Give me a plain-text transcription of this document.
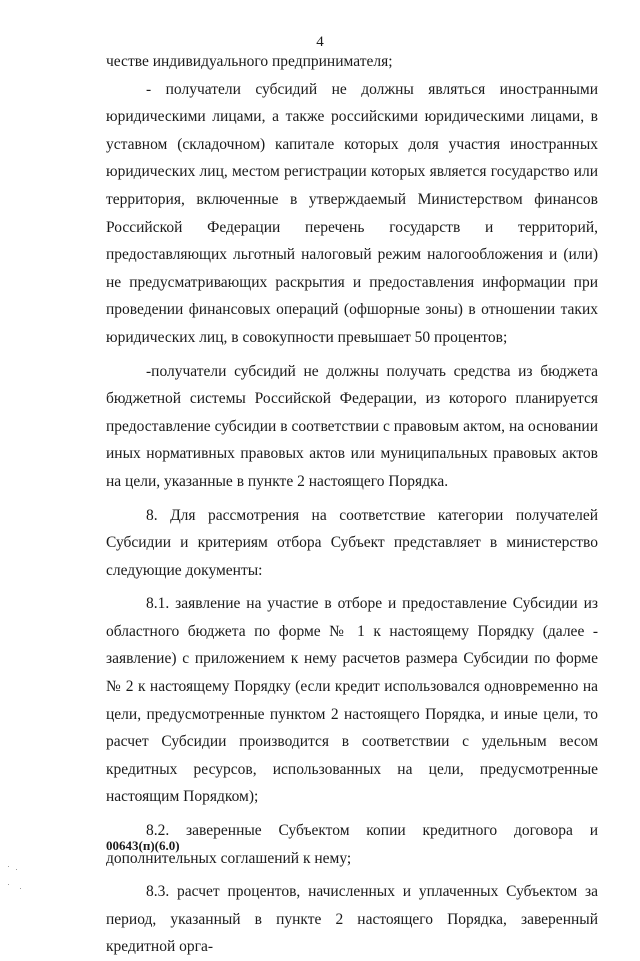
4

честве индивидуального предпринимателя;

- получатели субсидий не должны являться иностранными юридическими лицами, а также российскими юридическими лицами, в уставном (складочном) капитале которых доля участия иностранных юридических лиц, местом регистрации которых является государство или территория, включенные в утверждаемый Министерством финансов Российской Федерации перечень государств и территорий, предоставляющих льготный налоговый режим налогообложения и (или) не предусматривающих раскрытия и предоставления информации при проведении финансовых операций (офшорные зоны) в отношении таких юридических лиц, в совокупности превышает 50 процентов;

-получатели субсидий не должны получать средства из бюджета бюджетной системы Российской Федерации, из которого планируется предоставление субсидии в соответствии с правовым актом, на основании иных нормативных правовых актов или муниципальных правовых актов на цели, указанные в пункте 2 настоящего Порядка.

8. Для рассмотрения на соответствие категории получателей Субсидии и критериям отбора Субъект представляет в министерство следующие документы:

8.1. заявление на участие в отборе и предоставление Субсидии из областного бюджета по форме № 1 к настоящему Порядку (далее - заявление) с приложением к нему расчетов размера Субсидии по форме № 2 к настоящему Порядку (если кредит использовался одновременно на цели, предусмотренные пунктом 2 настоящего Порядка, и иные цели, то расчет Субсидии производится в соответствии с удельным весом кредитных ресурсов, использованных на цели, предусмотренные настоящим Порядком);

8.2. заверенные Субъектом копии кредитного договора и дополнительных соглашений к нему;

8.3. расчет процентов, начисленных и уплаченных Субъектом за период, указанный в пункте 2 настоящего Порядка, заверенный кредитной орга-

00643(п)(6.0)
